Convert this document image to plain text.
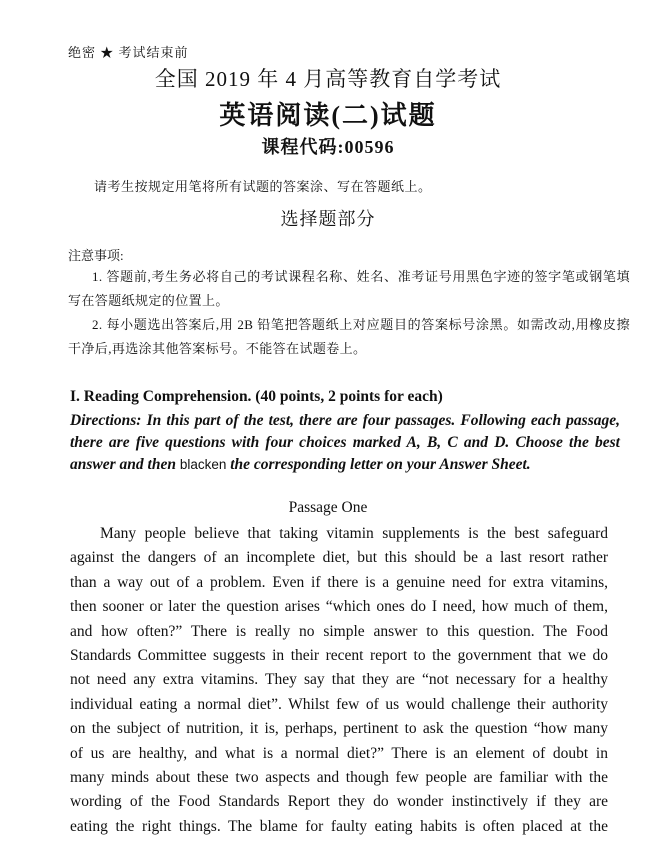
绝密 ★ 考试结束前
全国 2019 年 4 月高等教育自学考试
英语阅读(二)试题
课程代码:00596
请考生按规定用笔将所有试题的答案涂、写在答题纸上。
选择题部分
注意事项:

1. 答题前,考生务必将自己的考试课程名称、姓名、准考证号用黑色字迹的签字笔或钢笔填写在答题纸规定的位置上。

2. 每小题选出答案后,用 2B 铅笔把答题纸上对应题目的答案标号涂黑。如需改动,用橡皮擦干净后,再选涂其他答案标号。不能答在试题卷上。

I. Reading Comprehension. (40 points, 2 points for each)

Directions: In this part of the test, there are four passages. Following each passage, there are five questions with four choices marked A, B, C and D. Choose the best answer and then blacken the corresponding letter on your Answer Sheet.

Passage One
Many people believe that taking vitamin supplements is the best safeguard
against the dangers of an incomplete diet, but this should be a last resort rather
than a way out of a problem. Even if there is a genuine need for extra vitamins,
then sooner or later the question arises “which ones do I need, how much of them,
and how often?” There is really no simple answer to this question. The Food
Standards Committee suggests in their recent report to the government that we do
not need any extra vitamins. They say that they are “not necessary for a healthy
individual eating a normal diet”. Whilst few of us would challenge their authority
on the subject of nutrition, it is, perhaps, pertinent to ask the question “how many
of us are healthy, and what is a normal diet?” There is an element of doubt in
many minds about these two aspects and though few people are familiar with the
wording of the Food Standards Report they do wonder instinctively if they are
eating the right things. The blame for faulty eating habits is often placed at the
